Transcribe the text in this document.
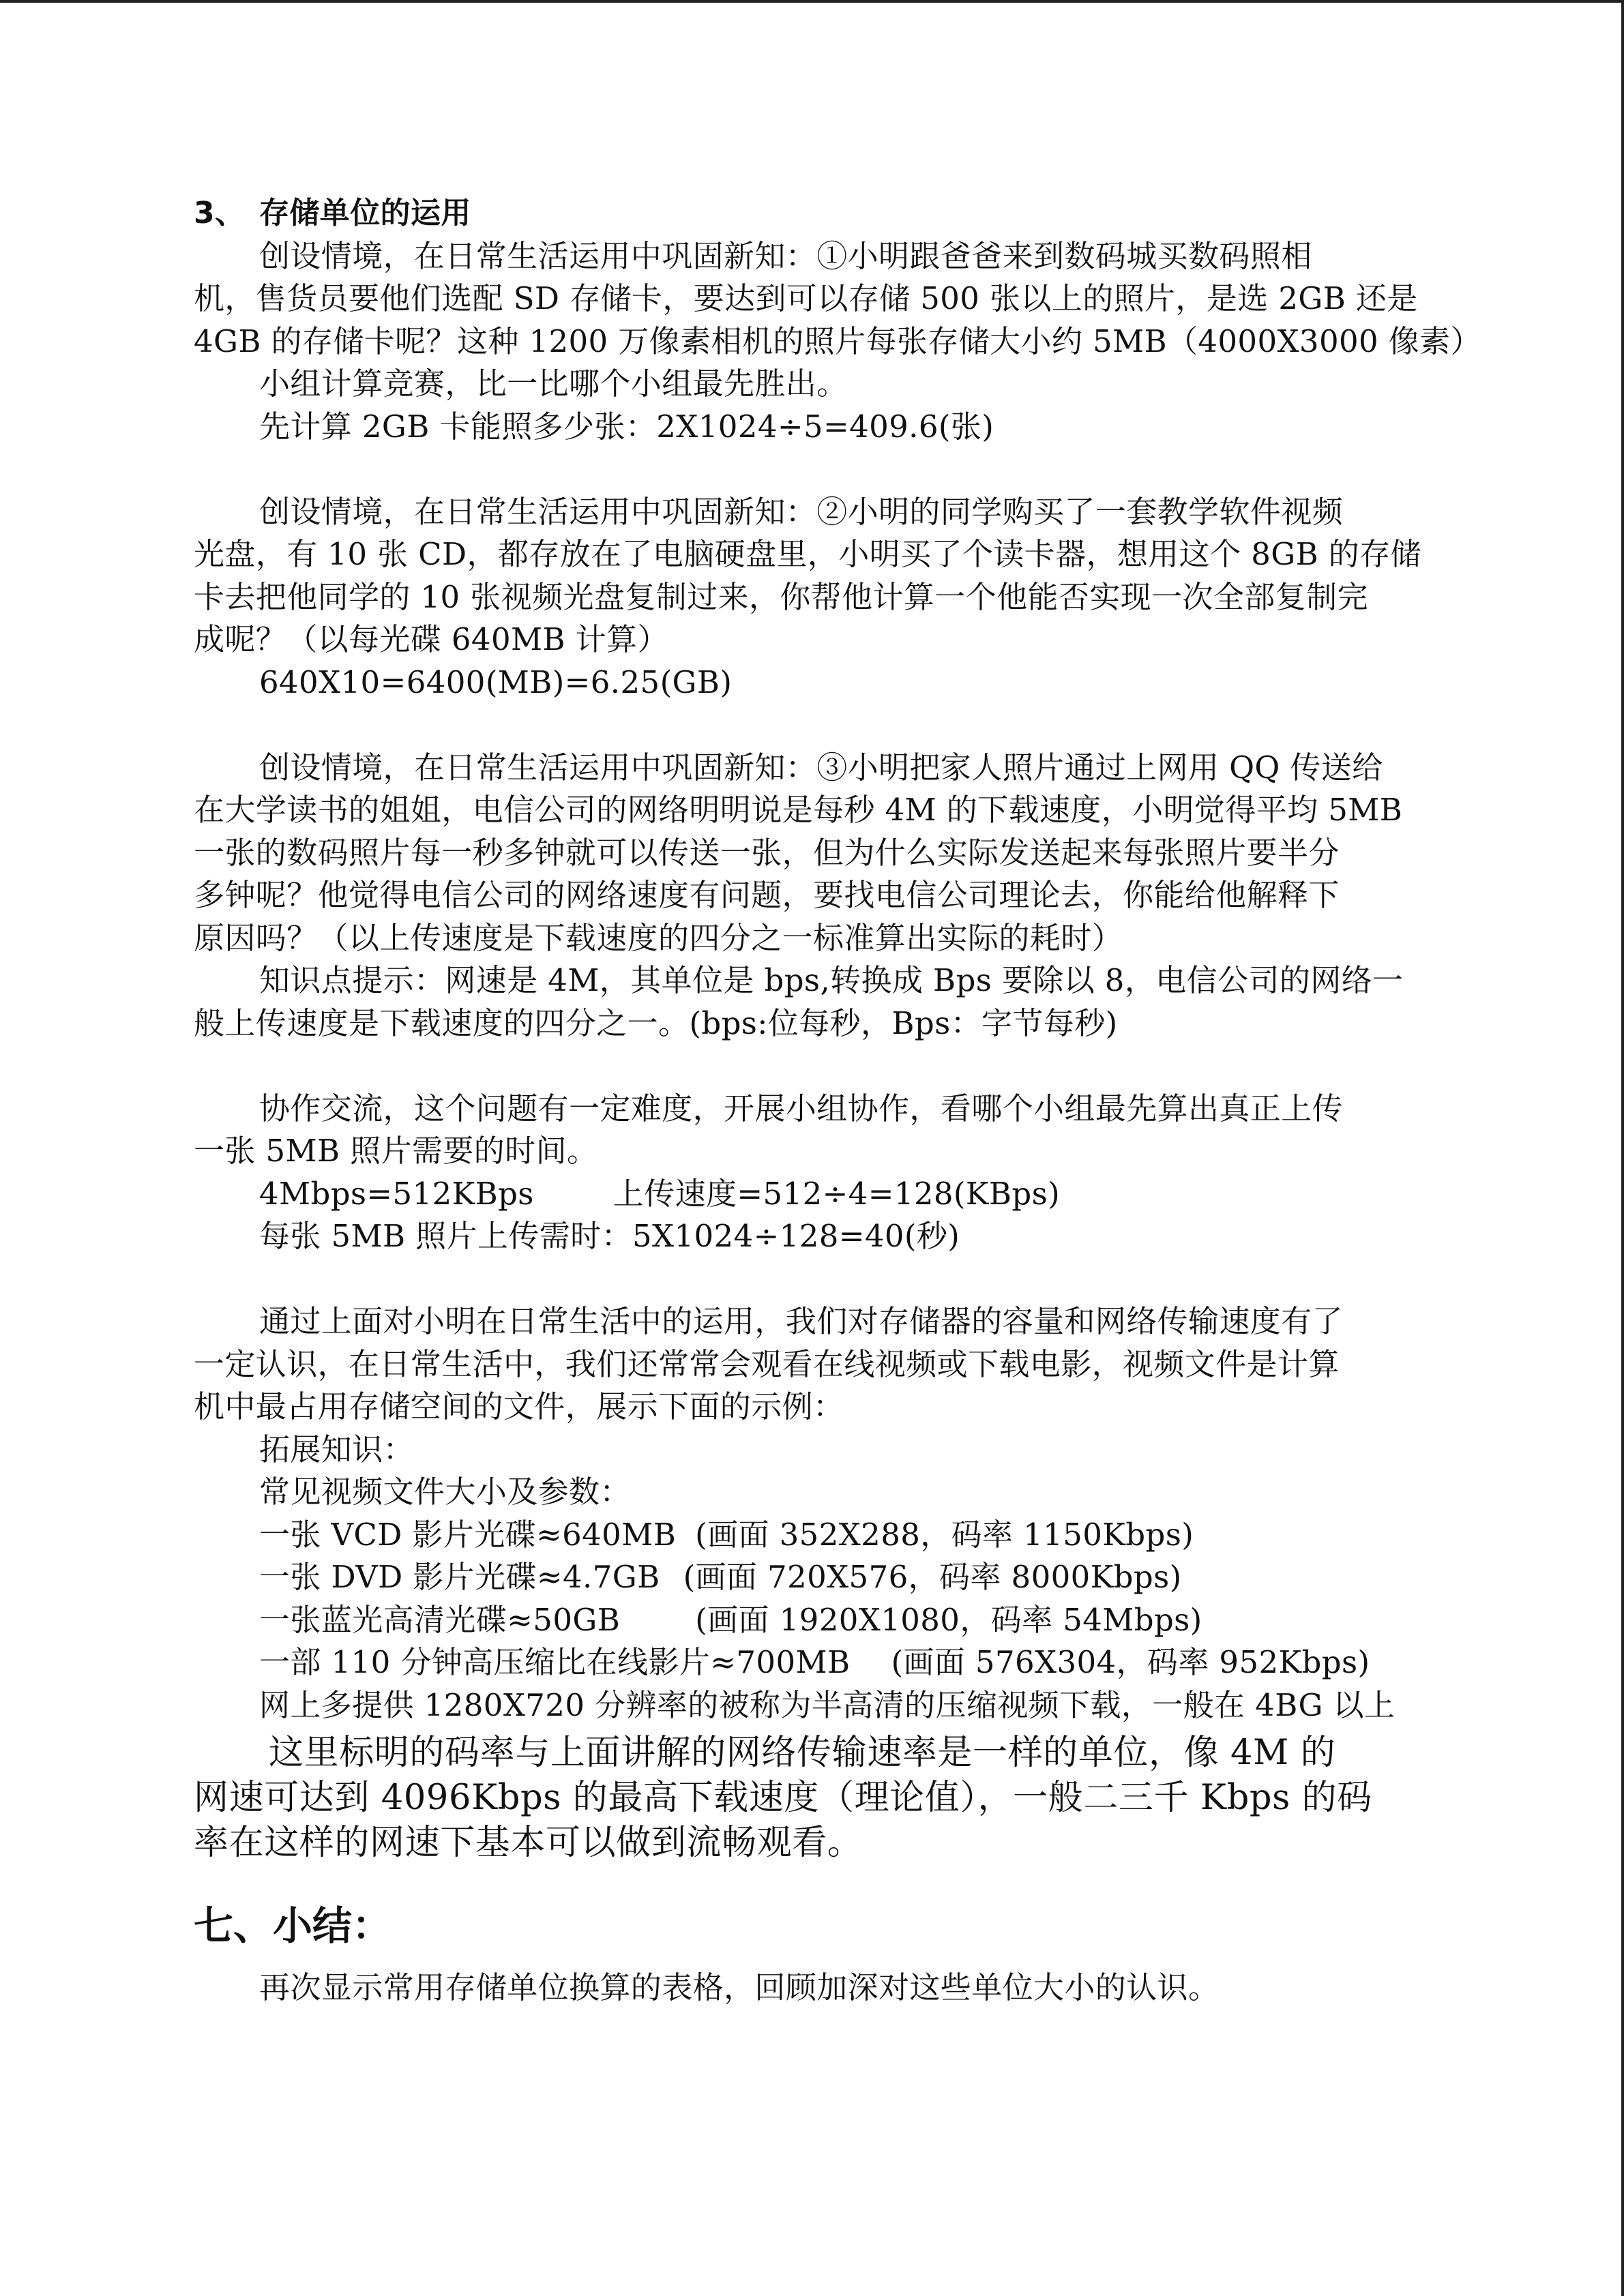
3、 存储单位的运用
创设情境，在日常生活运用中巩固新知：①小明跟爸爸来到数码城买数码照相
机，售货员要他们选配 SD 存储卡，要达到可以存储 500 张以上的照片，是选 2GB 还是
4GB 的存储卡呢？这种 1200 万像素相机的照片每张存储大小约 5MB（4000X3000 像素）
小组计算竞赛，比一比哪个小组最先胜出。
先计算 2GB 卡能照多少张：2X1024÷5=409.6(张)
创设情境，在日常生活运用中巩固新知：②小明的同学购买了一套教学软件视频
光盘，有 10 张 CD，都存放在了电脑硬盘里，小明买了个读卡器，想用这个 8GB 的存储
卡去把他同学的 10 张视频光盘复制过来，你帮他计算一个他能否实现一次全部复制完
成呢？（以每光碟 640MB 计算）
640X10=6400(MB)=6.25(GB)
创设情境，在日常生活运用中巩固新知：③小明把家人照片通过上网用 QQ 传送给
在大学读书的姐姐，电信公司的网络明明说是每秒 4M 的下载速度，小明觉得平均 5MB
一张的数码照片每一秒多钟就可以传送一张，但为什么实际发送起来每张照片要半分
多钟呢？他觉得电信公司的网络速度有问题，要找电信公司理论去，你能给他解释下
原因吗？（以上传速度是下载速度的四分之一标准算出实际的耗时）
知识点提示：网速是 4M，其单位是 bps,转换成 Bps 要除以 8，电信公司的网络一
般上传速度是下载速度的四分之一。(bps:位每秒，Bps：字节每秒)
协作交流，这个问题有一定难度，开展小组协作，看哪个小组最先算出真正上传
一张 5MB 照片需要的时间。
4Mbps=512KBps	上传速度=512÷4=128(KBps)
每张 5MB 照片上传需时：5X1024÷128=40(秒)
通过上面对小明在日常生活中的运用，我们对存储器的容量和网络传输速度有了
一定认识，在日常生活中，我们还常常会观看在线视频或下载电影，视频文件是计算
机中最占用存储空间的文件，展示下面的示例：
拓展知识：
常见视频文件大小及参数：
一张 VCD 影片光碟≈640MB (画面 352X288，码率 1150Kbps)
一张 DVD 影片光碟≈4.7GB (画面 720X576，码率 8000Kbps)
一张蓝光高清光碟≈50GB (画面 1920X1080，码率 54Mbps)
一部 110 分钟高压缩比在线影片≈700MB (画面 576X304，码率 952Kbps)
网上多提供 1280X720 分辨率的被称为半高清的压缩视频下载，一般在 4BG 以上
这里标明的码率与上面讲解的网络传输速率是一样的单位，像 4M 的
网速可达到 4096Kbps 的最高下载速度（理论值），一般二三千 Kbps 的码
率在这样的网速下基本可以做到流畅观看。
七、小结：
再次显示常用存储单位换算的表格，回顾加深对这些单位大小的认识。
